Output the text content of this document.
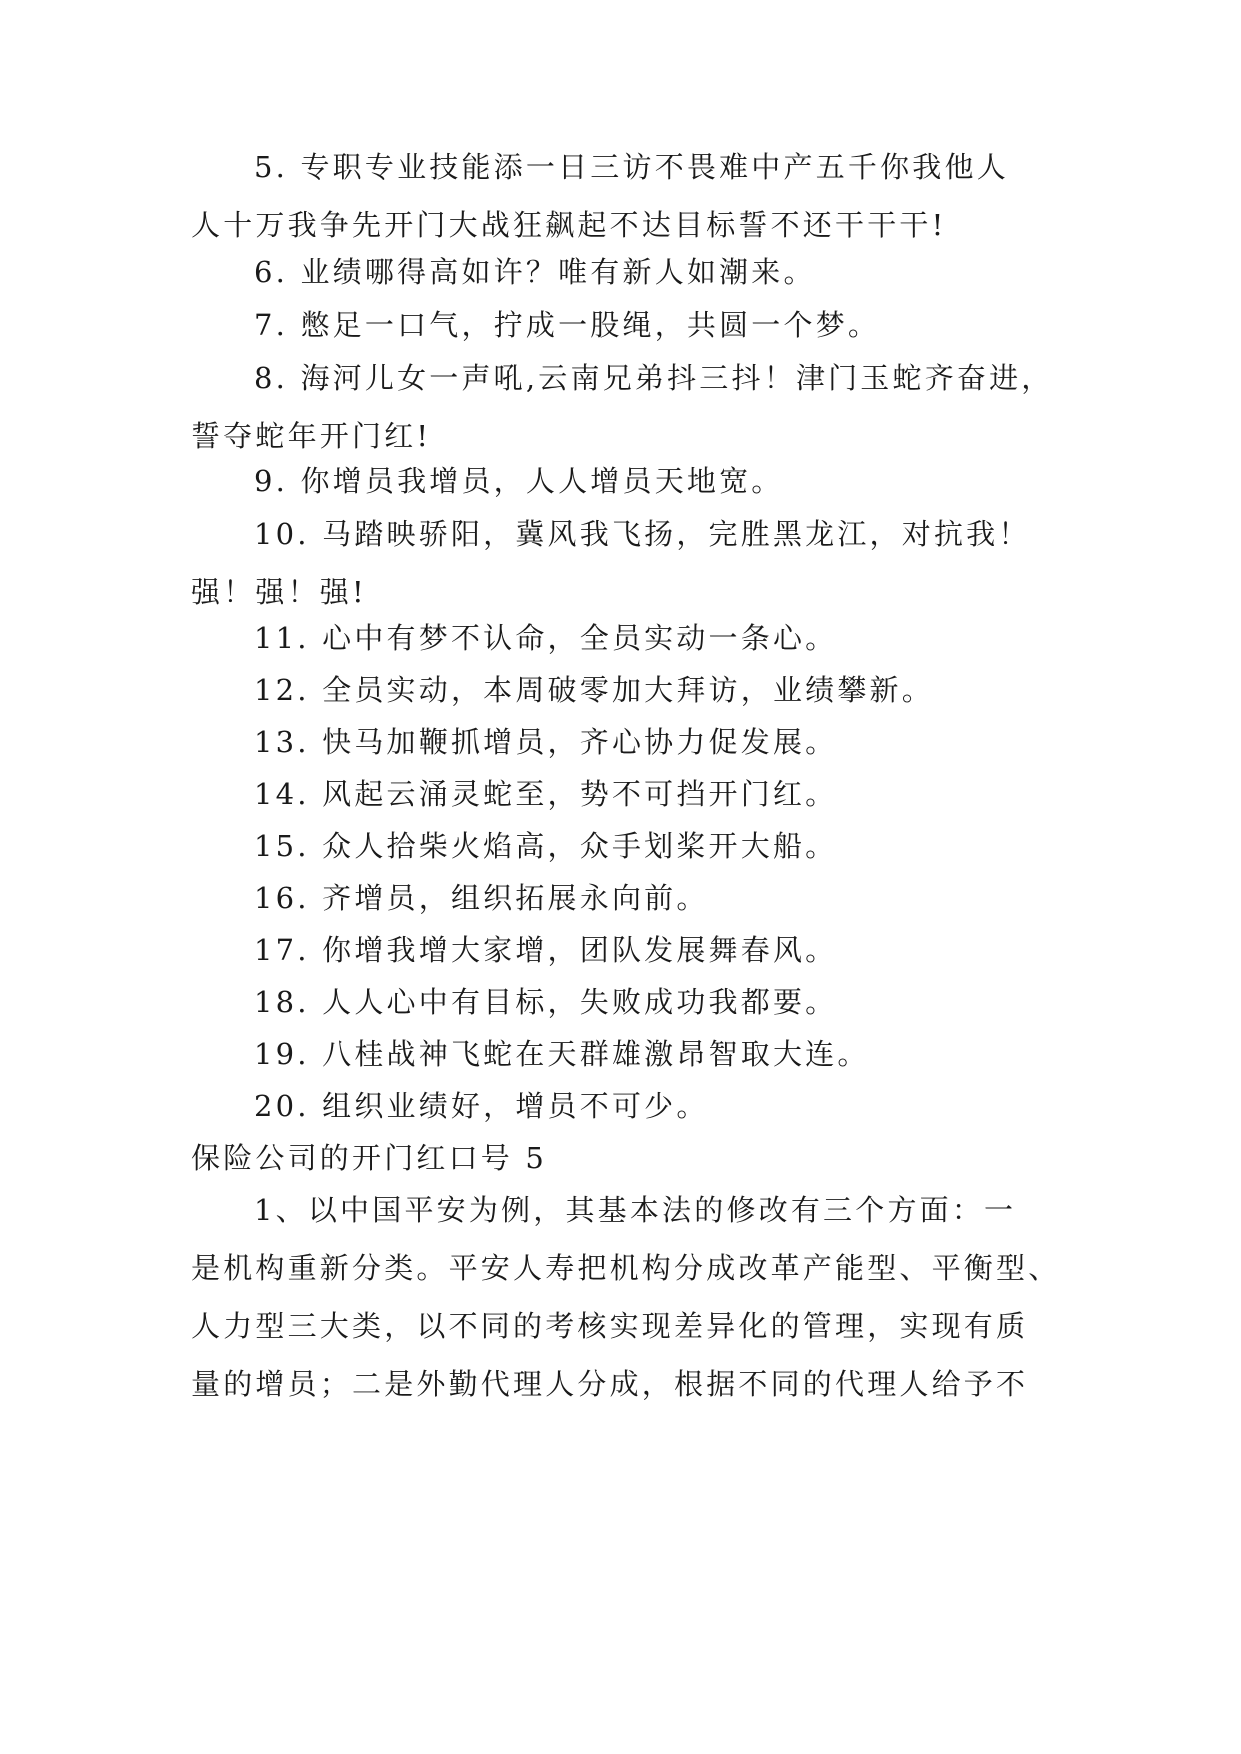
5. 专职专业技能添一日三访不畏难中产五千你我他人
人十万我争先开门大战狂飙起不达目标誓不还干干干!

6. 业绩哪得高如许？唯有新人如潮来。

7. 憋足一口气，拧成一股绳，共圆一个梦。

8. 海河儿女一声吼,云南兄弟抖三抖！津门玉蛇齐奋进，
誓夺蛇年开门红!

9. 你增员我增员，人人增员天地宽。

10. 马踏映骄阳，冀风我飞扬，完胜黑龙江，对抗我！
强！强！强!

11. 心中有梦不认命，全员实动一条心。

12. 全员实动，本周破零加大拜访，业绩攀新。

13. 快马加鞭抓增员，齐心协力促发展。

14. 风起云涌灵蛇至，势不可挡开门红。

15. 众人拾柴火焰高，众手划桨开大船。

16. 齐增员，组织拓展永向前。

17. 你增我增大家增，团队发展舞春风。

18. 人人心中有目标，失败成功我都要。

19. 八桂战神飞蛇在天群雄激昂智取大连。

20. 组织业绩好，增员不可少。

保险公司的开门红口号 5

1、以中国平安为例，其基本法的修改有三个方面：一
是机构重新分类。平安人寿把机构分成改革产能型、平衡型、
人力型三大类，以不同的考核实现差异化的管理，实现有质
量的增员；二是外勤代理人分成，根据不同的代理人给予不
